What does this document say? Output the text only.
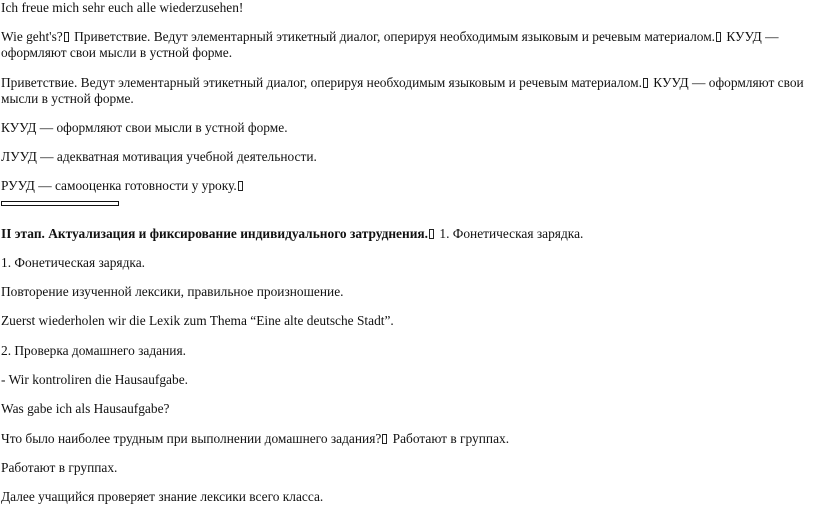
Ich freue mich sehr euch alle wiederzusehen!

Wie geht's? Приветствие. Ведут элементарный этикетный диалог, оперируя необходимым языковым и речевым материалом. КУУД — оформляют свои мысли в устной форме.

Приветствие. Ведут элементарный этикетный диалог, оперируя необходимым языковым и речевым материалом. КУУД — оформляют свои мысли в устной форме.

КУУД — оформляют свои мысли в устной форме.

ЛУУД — адекватная мотивация учебной деятельности.

РУУД — самооценка готовности у уроку.

II этап. Актуализация и фиксирование индивидуального затруднения. 1. Фонетическая зарядка.

1. Фонетическая зарядка.

Повторение изученной лексики, правильное произношение.

Zuerst wiederholen wir die Lexik zum Thema “Eine alte deutsche Stadt”.

2. Проверка домашнего задания.

- Wir kontroliren die Hausaufgabe.

Was gabe ich als Hausaufgabe?

Что было наиболее трудным при выполнении домашнего задания? Работают в группах.

Работают в группах.

Далее учащийся проверяет знание лексики всего класса.
